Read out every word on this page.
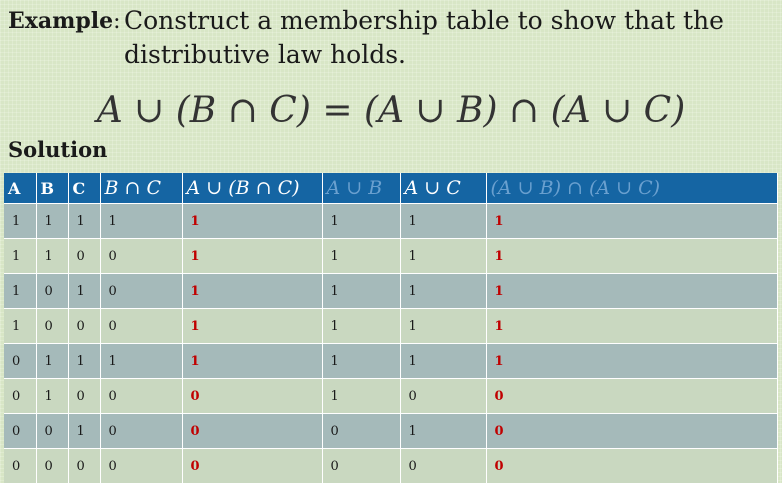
Example: Construct a membership table to show that the
distributive law holds.
A ∪ (B ∩ C) = (A ∪ B) ∩ (A ∪ C)
Solution
A	B	C	B ∩ C	A ∪ (B ∩ C)	A ∪ B	A ∪ C	(A ∪ B) ∩ (A ∪ C)
1	1	1	1	1	1	1	1
1	1	0	0	1	1	1	1
1	0	1	0	1	1	1	1
1	0	0	0	1	1	1	1
0	1	1	1	1	1	1	1
0	1	0	0	0	1	0	0
0	0	1	0	0	0	1	0
0	0	0	0	0	0	0	0
